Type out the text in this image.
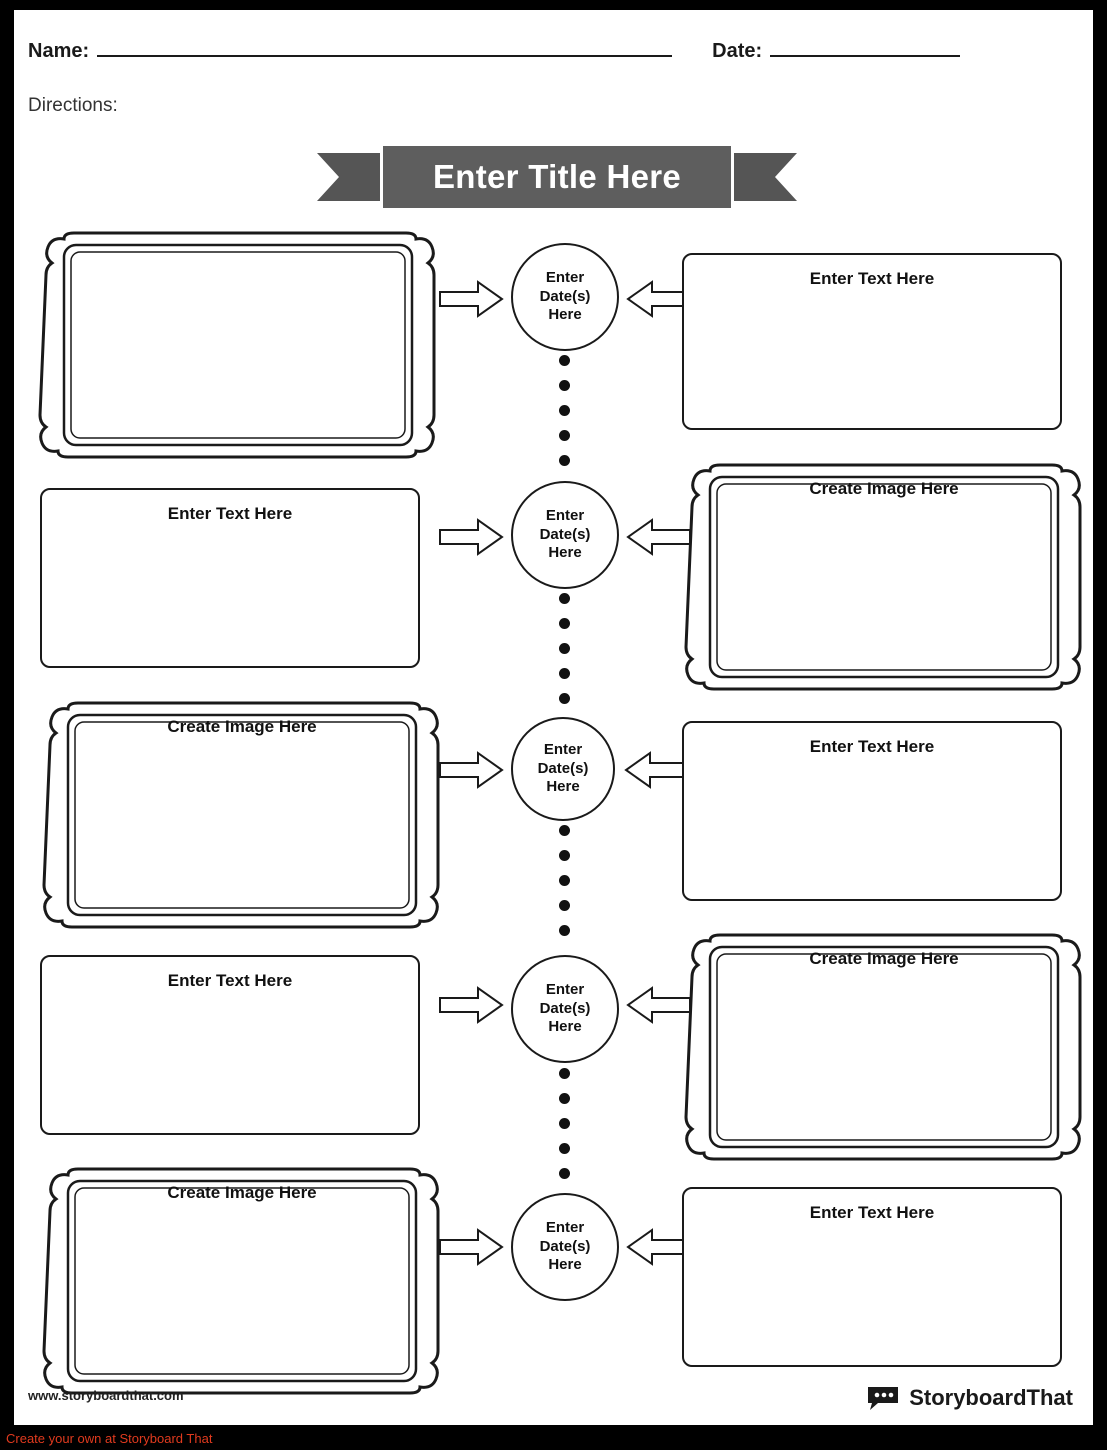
Name:	Date:
Directions:
Enter Title Here
Enter
Date(s)
Here
Enter Text Here
Enter Text Here	Enter
Date(s)
Here
Create Image Here
Create Image Here
Enter
Date(s)
Here
Enter Text Here
Enter Text Here	Enter
Date(s)
Here
Create Image Here
Create Image Here
Enter
Date(s)
Here
Enter Text Here
www.storyboardthat.com	StoryboardThat
Create your own at Storyboard That
